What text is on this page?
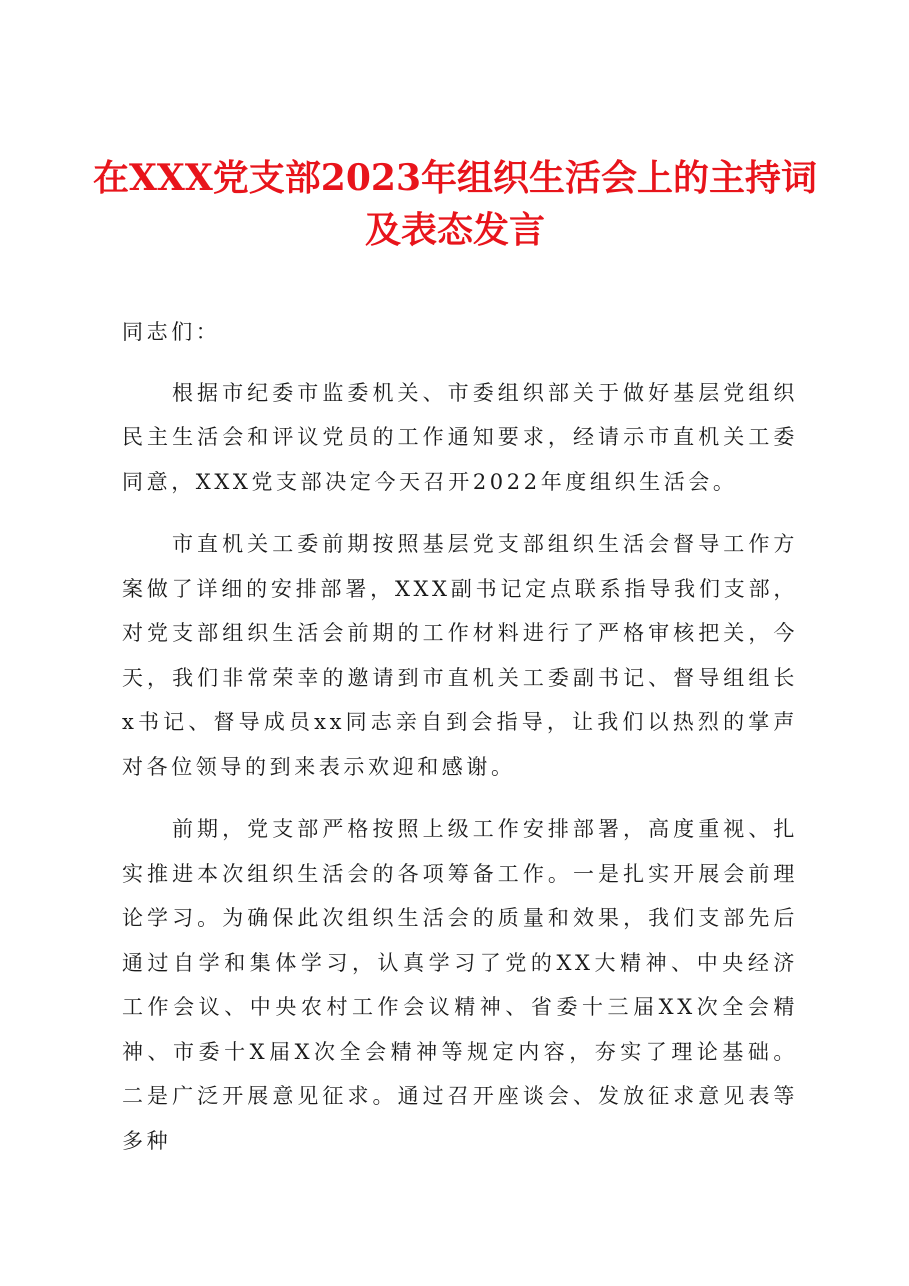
在XXX党支部2023年组织生活会上的主持词及表态发言

同志们：

根据市纪委市监委机关、市委组织部关于做好基层党组织民主生活会和评议党员的工作通知要求，经请示市直机关工委同意，XXX党支部决定今天召开2022年度组织生活会。

市直机关工委前期按照基层党支部组织生活会督导工作方案做了详细的安排部署，XXX副书记定点联系指导我们支部，对党支部组织生活会前期的工作材料进行了严格审核把关，今天，我们非常荣幸的邀请到市直机关工委副书记、督导组组长x书记、督导成员xx同志亲自到会指导，让我们以热烈的掌声对各位领导的到来表示欢迎和感谢。

前期，党支部严格按照上级工作安排部署，高度重视、扎实推进本次组织生活会的各项筹备工作。一是扎实开展会前理论学习。为确保此次组织生活会的质量和效果，我们支部先后通过自学和集体学习，认真学习了党的XX大精神、中央经济工作会议、中央农村工作会议精神、省委十三届XX次全会精神、市委十X届X次全会精神等规定内容，夯实了理论基础。二是广泛开展意见征求。通过召开座谈会、发放征求意见表等多种
